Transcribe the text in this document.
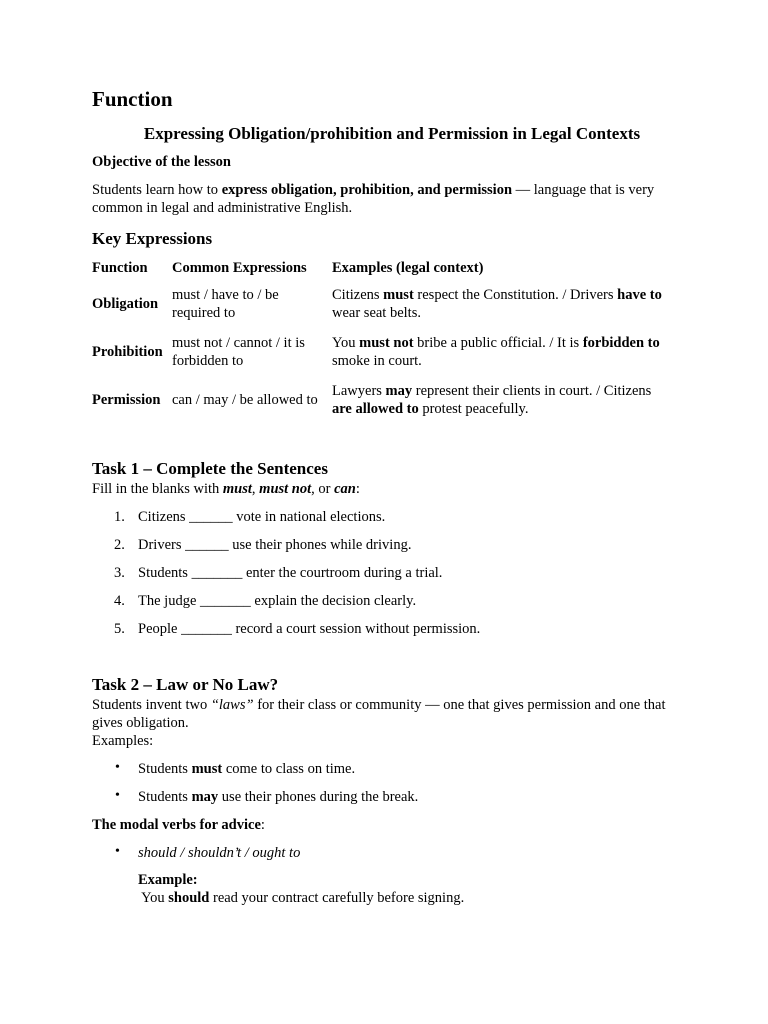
Function

Expressing Obligation/prohibition and Permission in Legal Contexts

Objective of the lesson
Students learn how to express obligation, prohibition, and permission — language that is very common in legal and administrative English.
Key Expressions
Function	Common Expressions	Examples (legal context)
Obligation	must / have to / be required to	Citizens must respect the Constitution. / Drivers have to wear seat belts.
Prohibition	must not / cannot / it is forbidden to	You must not bribe a public official. / It is forbidden to smoke in court.
Permission	can / may / be allowed to	Lawyers may represent their clients in court. / Citizens are allowed to protest peacefully.
Task 1 – Complete the Sentences
Fill in the blanks with must, must not, or can:
1. Citizens ______ vote in national elections.
2. Drivers ______ use their phones while driving.
3. Students _______ enter the courtroom during a trial.
4. The judge _______ explain the decision clearly.
5. People _______ record a court session without permission.
Task 2 – Law or No Law?
Students invent two “laws” for their class or community — one that gives permission and one that gives obligation.
Examples:
• Students must come to class on time.
• Students may use their phones during the break.
The modal verbs for advice:
• should / shouldn’t / ought to
Example:
You should read your contract carefully before signing.
